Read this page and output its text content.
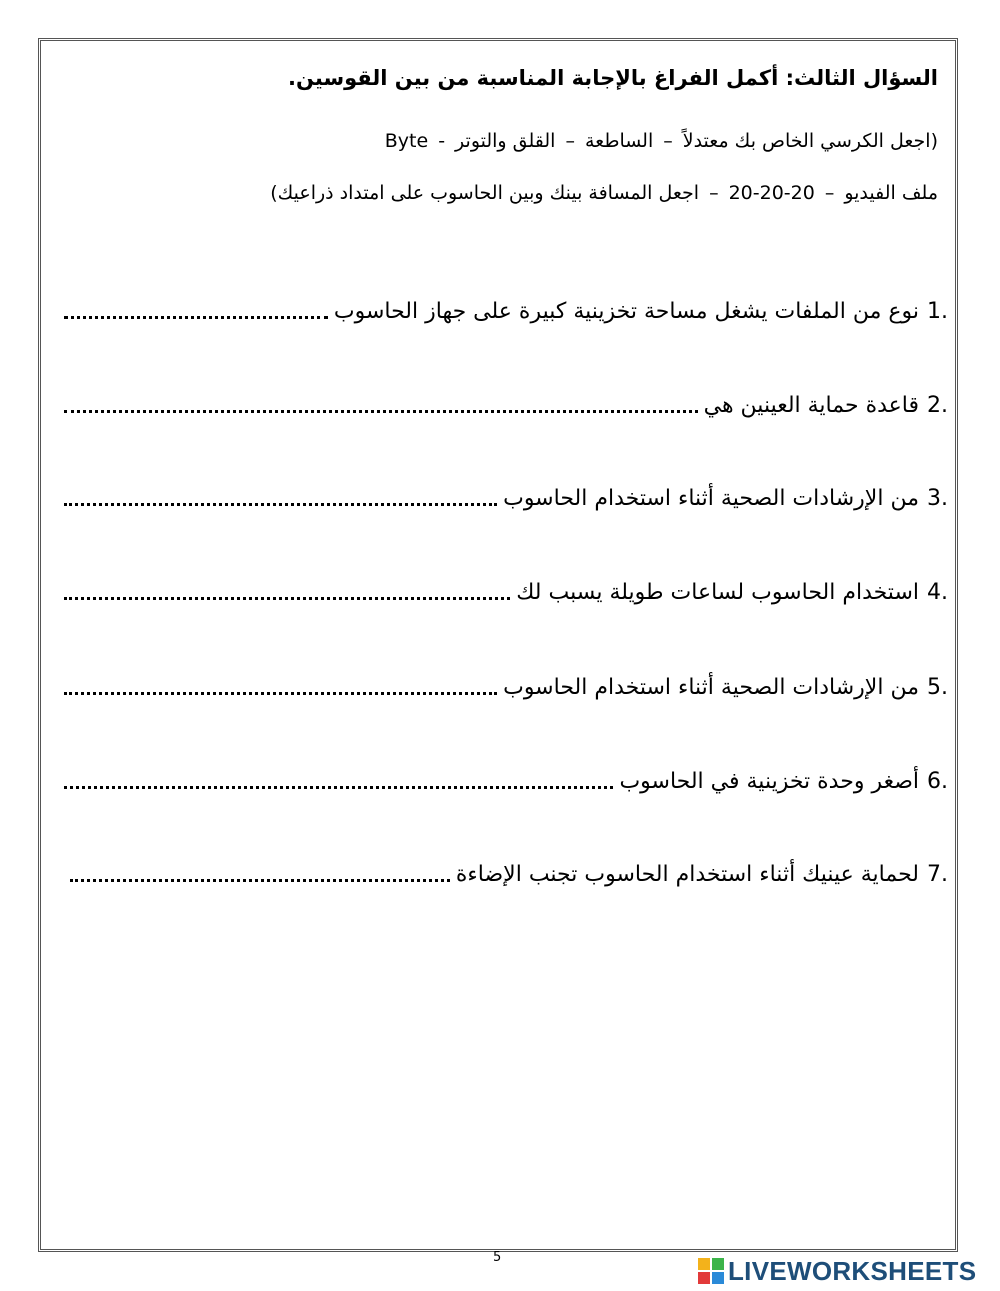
السؤال الثالث: أكمل الفراغ بالإجابة المناسبة من بين القوسين.
(اجعل الكرسي الخاص بك معتدلاً–الساطعة–القلق والتوتر-Byte
ملف الفيديو–20-20-20–اجعل المسافة بينك وبين الحاسوب على امتداد ذراعيك)
1.
نوع من الملفات يشغل مساحة تخزينية كبيرة على جهاز الحاسوب
2.
قاعدة حماية العينين هي
3.
من الإرشادات الصحية أثناء استخدام الحاسوب
4.
استخدام الحاسوب لساعات طويلة يسبب لك
5.
من الإرشادات الصحية أثناء استخدام الحاسوب
6.
أصغر وحدة تخزينية في الحاسوب
7.
لحماية عينيك أثناء استخدام الحاسوب تجنب الإضاءة
5	LIVEWORKSHEETS
